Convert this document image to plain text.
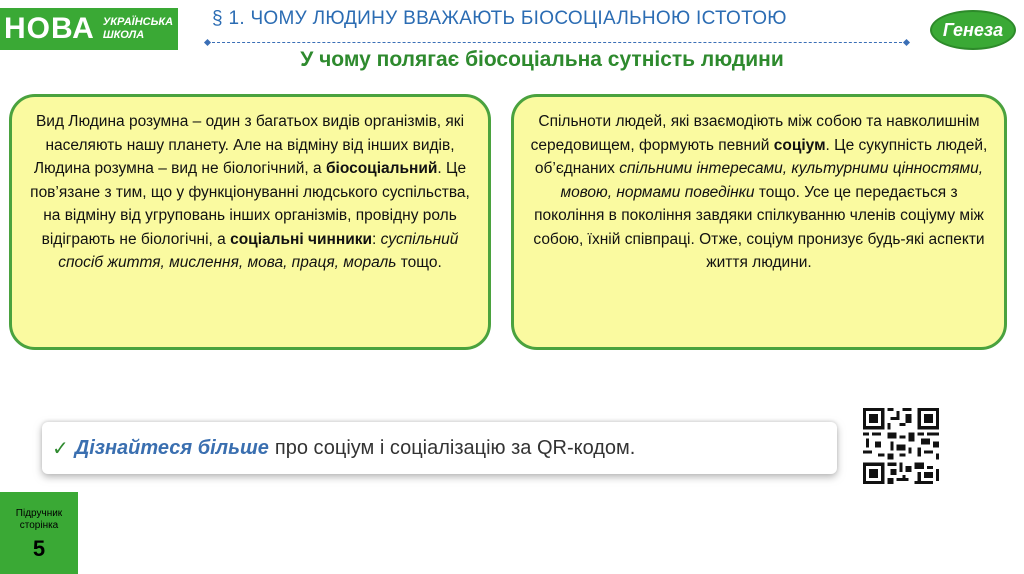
НОВА УКРАЇНСЬКА
ШКОЛА
§ 1. ЧОМУ ЛЮДИНУ ВВАЖАЮТЬ БІОСОЦІАЛЬНОЮ ІСТОТОЮ
Генеза
У чому полягає біосоціальна сутність людини
Вид Людина розумна – один з багатьох видів організмів, які населяють нашу планету. Але на відміну від інших видів, Людина розумна – вид не біологічний, а біосоціальний. Це пов’язане з тим, що у функціонуванні людського суспільства, на відміну від угруповань інших організмів, провідну роль відіграють не біологічні, а соціальні чинники: суспільний спосіб життя, мислення, мова, праця, мораль тощо.
Спільноти людей, які взаємодіють між собою та навколишнім середовищем, формують певний соціум. Це сукупність людей, об’єднаних спільними інтересами, культурними цінностями, мовою, нормами поведінки тощо. Усе це передається з покоління в покоління завдяки спілкуванню членів соціуму між собою, їхній співпраці. Отже, соціум пронизує будь-які аспекти життя людини.
✓ Дізнайтеся більше про соціум і соціалізацію за QR-кодом.
Підручник
сторінка
5
